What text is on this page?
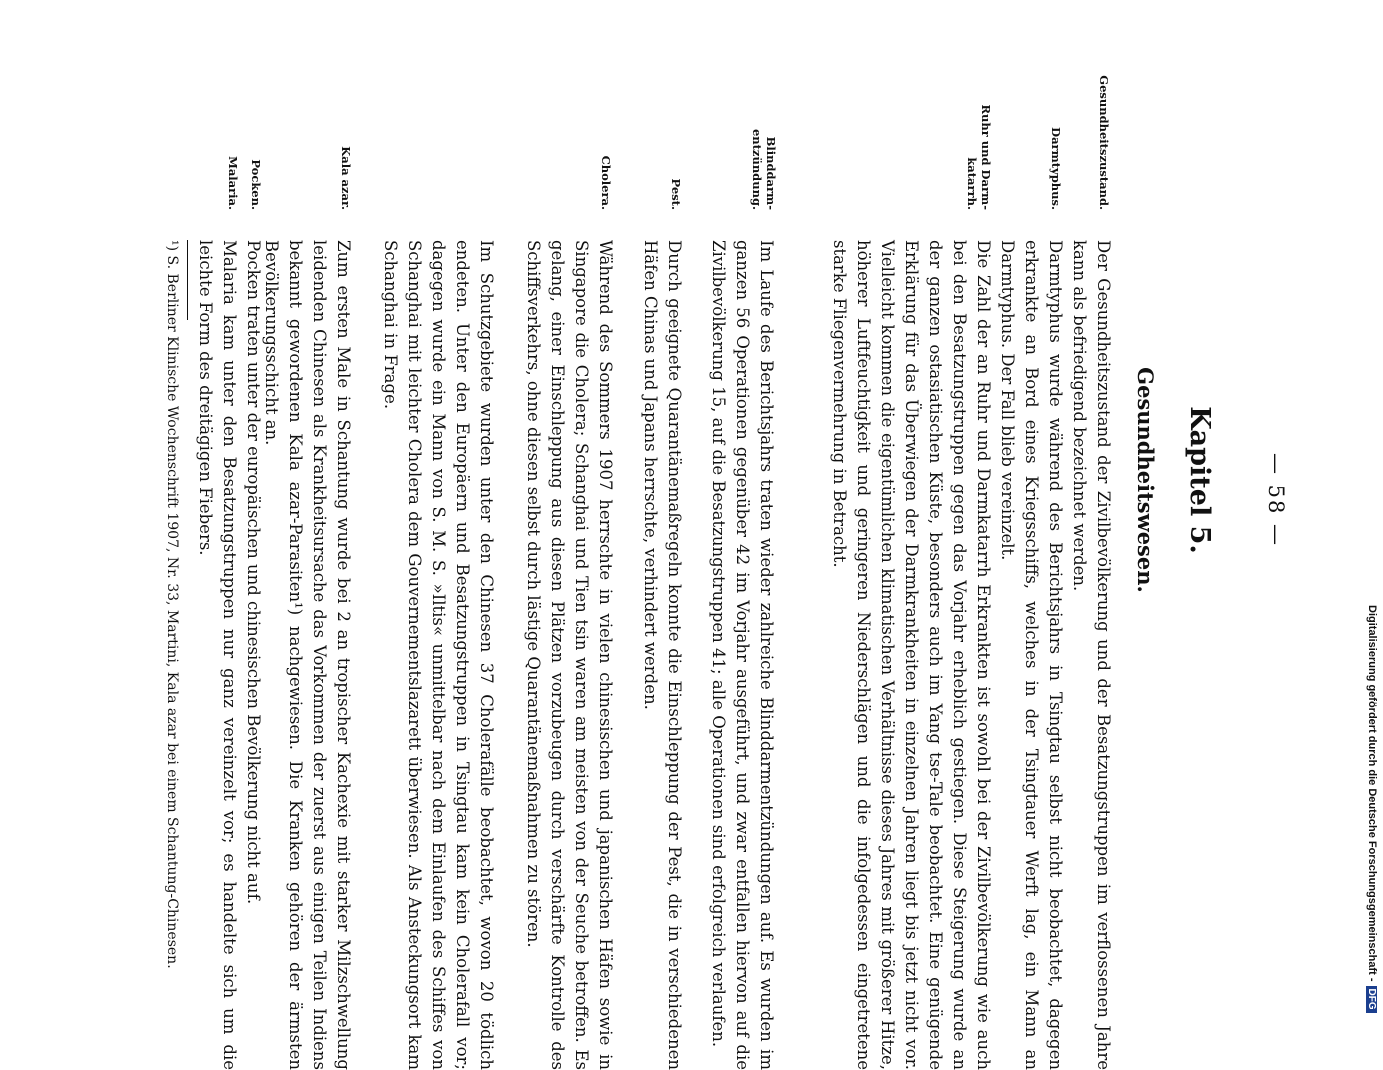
— 58 —
Kapitel 5.
Gesundheitswesen.
Gesundheitszustand.

Der Gesundheitszustand der Zivilbevölkerung und der Besatzungstruppen im verflossenen Jahre kann als befriedigend bezeichnet werden.

Darmtyphus.

Darmtyphus wurde während des Berichtsjahrs in Tsingtau selbst nicht beobachtet, dagegen erkrankte an Bord eines Kriegsschiffs, welches in der Tsingtauer Werft lag, ein Mann an Darmtyphus. Der Fall blieb vereinzelt.

Ruhr und Darm-
katarrh.

Die Zahl der an Ruhr und Darmkatarrh Erkrankten ist sowohl bei der Zivilbevölkerung wie auch bei den Besatzungstruppen gegen das Vorjahr erheblich gestiegen. Diese Steigerung wurde an der ganzen ostasiatischen Küste, besonders auch im Yang tse-Tale beobachtet. Eine genügende Erklärung für das Überwiegen der Darmkrankheiten in einzelnen Jahren liegt bis jetzt nicht vor. Vielleicht kommen die eigentümlichen klimatischen Verhältnisse dieses Jahres mit größerer Hitze, höherer Luftfeuchtigkeit und geringeren Niederschlägen und die infolgedessen eingetretene starke Fliegenvermehrung in Betracht.

Blinddarm-
entzündung.

Im Laufe des Berichtsjahrs traten wieder zahlreiche Blinddarmentzündungen auf. Es wurden im ganzen 56 Operationen gegenüber 42 im Vorjahr ausgeführt, und zwar entfallen hiervon auf die Zivilbevölkerung 15, auf die Besatzungstruppen 41; alle Operationen sind erfolgreich verlaufen.

Pest.

Durch geeignete Quarantänemaßregeln konnte die Einschleppung der Pest, die in verschiedenen Häfen Chinas und Japans herrschte, verhindert werden.

Cholera.

Während des Sommers 1907 herrschte in vielen chinesischen und japanischen Häfen sowie in Singapore die Cholera; Schanghai und Tien tsin waren am meisten von der Seuche betroffen. Es gelang, einer Einschleppung aus diesen Plätzen vorzubeugen durch verschärfte Kontrolle des Schiffsverkehrs, ohne diesen selbst durch lästige Quarantänemaßnahmen zu stören.

Im Schutzgebiete wurden unter den Chinesen 37 Cholerafälle beobachtet, wovon 20 tödlich endeten. Unter den Europäern und Besatzungstruppen in Tsingtau kam kein Cholerafall vor; dagegen wurde ein Mann von S. M. S. »Iltis« unmittelbar nach dem Einlaufen des Schiffes von Schanghai mit leichter Cholera dem Gouvernementslazarett überwiesen. Als Ansteckungsort kam Schanghai in Frage.

Kala azar.

Zum ersten Male in Schantung wurde bei 2 an tropischer Kachexie mit starker Milzschwellung leidenden Chinesen als Krankheitsursache das Vorkommen der zuerst aus einigen Teilen Indiens bekannt gewordenen Kala azar-Parasiten¹) nachgewiesen. Die Kranken gehören der ärmsten Bevölkerungsschicht an.

Pocken.

Pocken traten unter der europäischen und chinesischen Bevölkerung nicht auf.

Malaria.

Malaria kam unter den Besatzungstruppen nur ganz vereinzelt vor; es handelte sich um die leichte Form des dreitägigen Fiebers.

¹) S. Berliner Klinische Wochenschrift 1907, Nr. 33, Martini, Kala azar bei einem Schantung-Chinesen.	Digitalisierung gefördert durch die Deutsche Forschungsgemeinschaft -DFG
